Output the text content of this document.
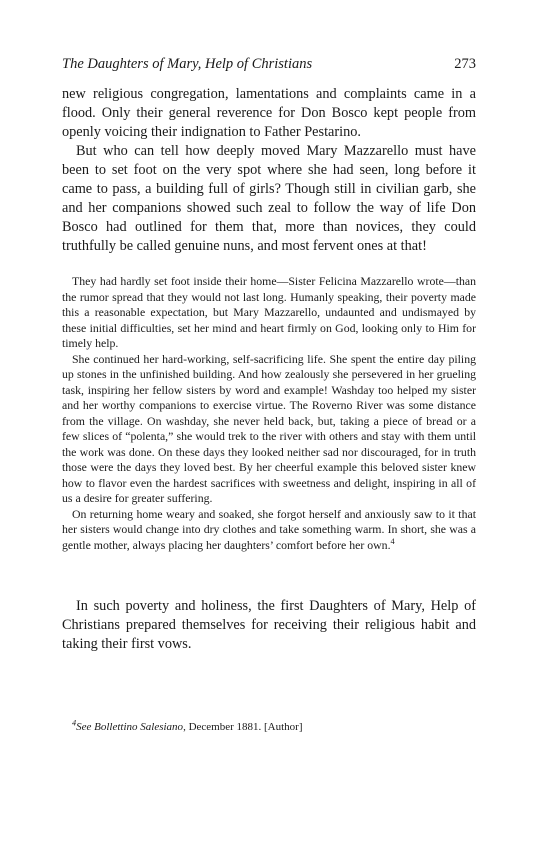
The Daughters of Mary, Help of Christians	273

new religious congregation, lamentations and complaints came in a flood. Only their general reverence for Don Bosco kept people from openly voicing their indignation to Father Pestarino.

But who can tell how deeply moved Mary Mazzarello must have been to set foot on the very spot where she had seen, long before it came to pass, a building full of girls? Though still in civilian garb, she and her companions showed such zeal to follow the way of life Don Bosco had outlined for them that, more than novices, they could truthfully be called genuine nuns, and most fervent ones at that!

They had hardly set foot inside their home—Sister Felicina Mazzarello wrote—than the rumor spread that they would not last long. Humanly speaking, their poverty made this a reasonable expectation, but Mary Mazzarello, undaunted and undismayed by these initial difficulties, set her mind and heart firmly on God, looking only to Him for timely help.

She continued her hard-working, self-sacrificing life. She spent the entire day piling up stones in the unfinished building. And how zealously she persevered in her grueling task, inspiring her fellow sisters by word and example! Washday too helped my sister and her worthy companions to exercise virtue. The Roverno River was some distance from the village. On washday, she never held back, but, taking a piece of bread or a few slices of “polenta,” she would trek to the river with others and stay with them until the work was done. On these days they looked neither sad nor discouraged, for in truth those were the days they loved best. By her cheerful example this beloved sister knew how to flavor even the hardest sacrifices with sweetness and delight, inspiring in all of us a desire for greater suffering.

On returning home weary and soaked, she forgot herself and anxiously saw to it that her sisters would change into dry clothes and take something warm. In short, she was a gentle mother, always placing her daughters’ comfort before her own.$^4$

In such poverty and holiness, the first Daughters of Mary, Help of Christians prepared themselves for receiving their religious habit and taking their first vows.

$^4$See Bollettino Salesiano, December 1881. [Author]
